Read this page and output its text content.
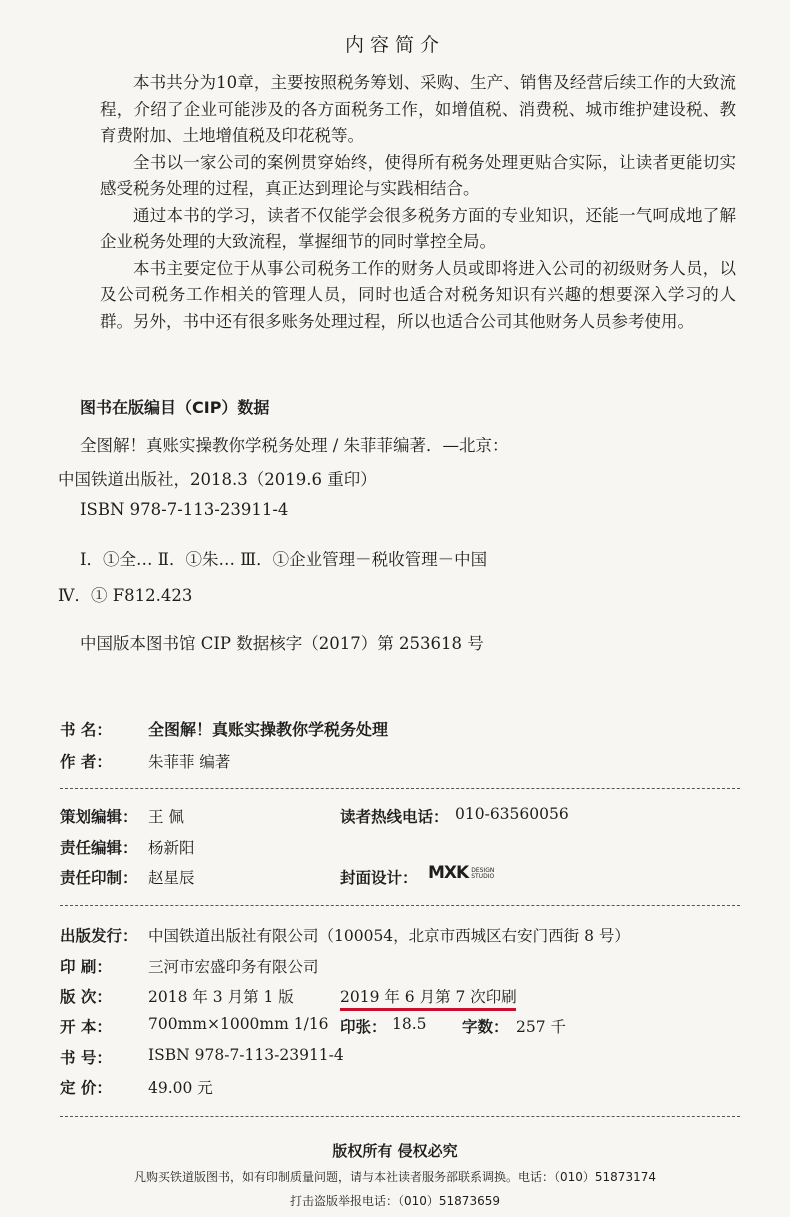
内容简介

本书共分为10章，主要按照税务筹划、采购、生产、销售及经营后续工作的大致流程，介绍了企业可能涉及的各方面税务工作，如增值税、消费税、城市维护建设税、教育费附加、土地增值税及印花税等。

全书以一家公司的案例贯穿始终，使得所有税务处理更贴合实际，让读者更能切实感受税务处理的过程，真正达到理论与实践相结合。

通过本书的学习，读者不仅能学会很多税务方面的专业知识，还能一气呵成地了解企业税务处理的大致流程，掌握细节的同时掌控全局。

本书主要定位于从事公司税务工作的财务人员或即将进入公司的初级财务人员，以及公司税务工作相关的管理人员，同时也适合对税务知识有兴趣的想要深入学习的人群。另外，书中还有很多账务处理过程，所以也适合公司其他财务人员参考使用。

图书在版编目（CIP）数据
全图解！真账实操教你学税务处理 / 朱菲菲编著．—北京：
中国铁道出版社，2018.3（2019.6 重印）
ISBN 978-7-113-23911-4
Ⅰ．①全… Ⅱ．①朱… Ⅲ．①企业管理－税收管理－中国
Ⅳ．① F812.423
中国版本图书馆 CIP 数据核字（2017）第 253618 号
书 名： 全图解！真账实操教你学税务处理
作 者： 朱菲菲 编著
策划编辑： 王 佩	读者热线电话： 010-63560056
责任编辑： 杨新阳
责任印制： 赵星辰	封面设计： MXK DESIGN
STUDIO
出版发行： 中国铁道出版社有限公司（100054，北京市西城区右安门西街 8 号）
印 刷： 三河市宏盛印务有限公司
版 次： 2018 年 3 月第 1 版	2019 年 6 月第 7 次印刷
开 本： 700mm×1000mm 1/16 印张： 18.5 字数： 257 千
书 号： ISBN 978-7-113-23911-4
定 价： 49.00 元
版权所有 侵权必究
凡购买铁道版图书，如有印制质量问题，请与本社读者服务部联系调换。电话：（010）51873174
打击盗版举报电话：（010）51873659
